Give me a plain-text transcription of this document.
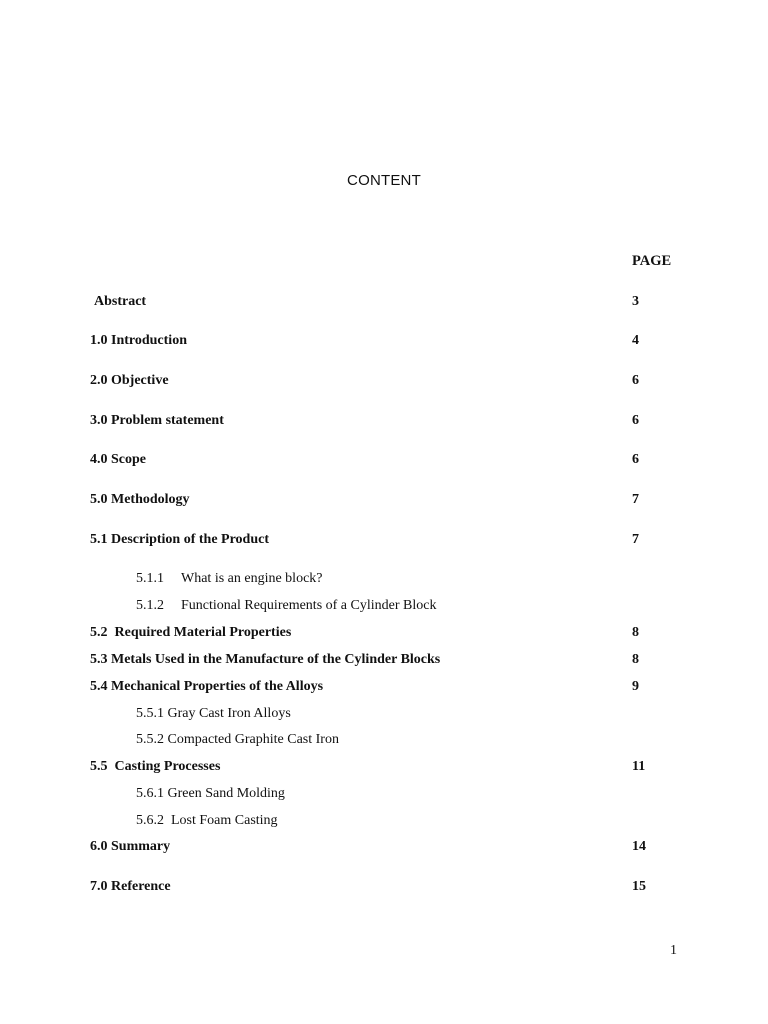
CONTENT
PAGE
Abstract	3
1.0 Introduction	4
2.0 Objective	6
3.0 Problem statement	6
4.0 Scope	6
5.0 Methodology	7
5.1 Description of the Product	7
5.1.1 What is an engine block?
5.1.2 Functional Requirements of a Cylinder Block
5.2  Required Material Properties	8
5.3 Metals Used in the Manufacture of the Cylinder Blocks	8
5.4 Mechanical Properties of the Alloys	9
5.5.1 Gray Cast Iron Alloys
5.5.2 Compacted Graphite Cast Iron
5.5  Casting Processes	11
5.6.1 Green Sand Molding
5.6.2  Lost Foam Casting
6.0 Summary	14
7.0 Reference	15
1
